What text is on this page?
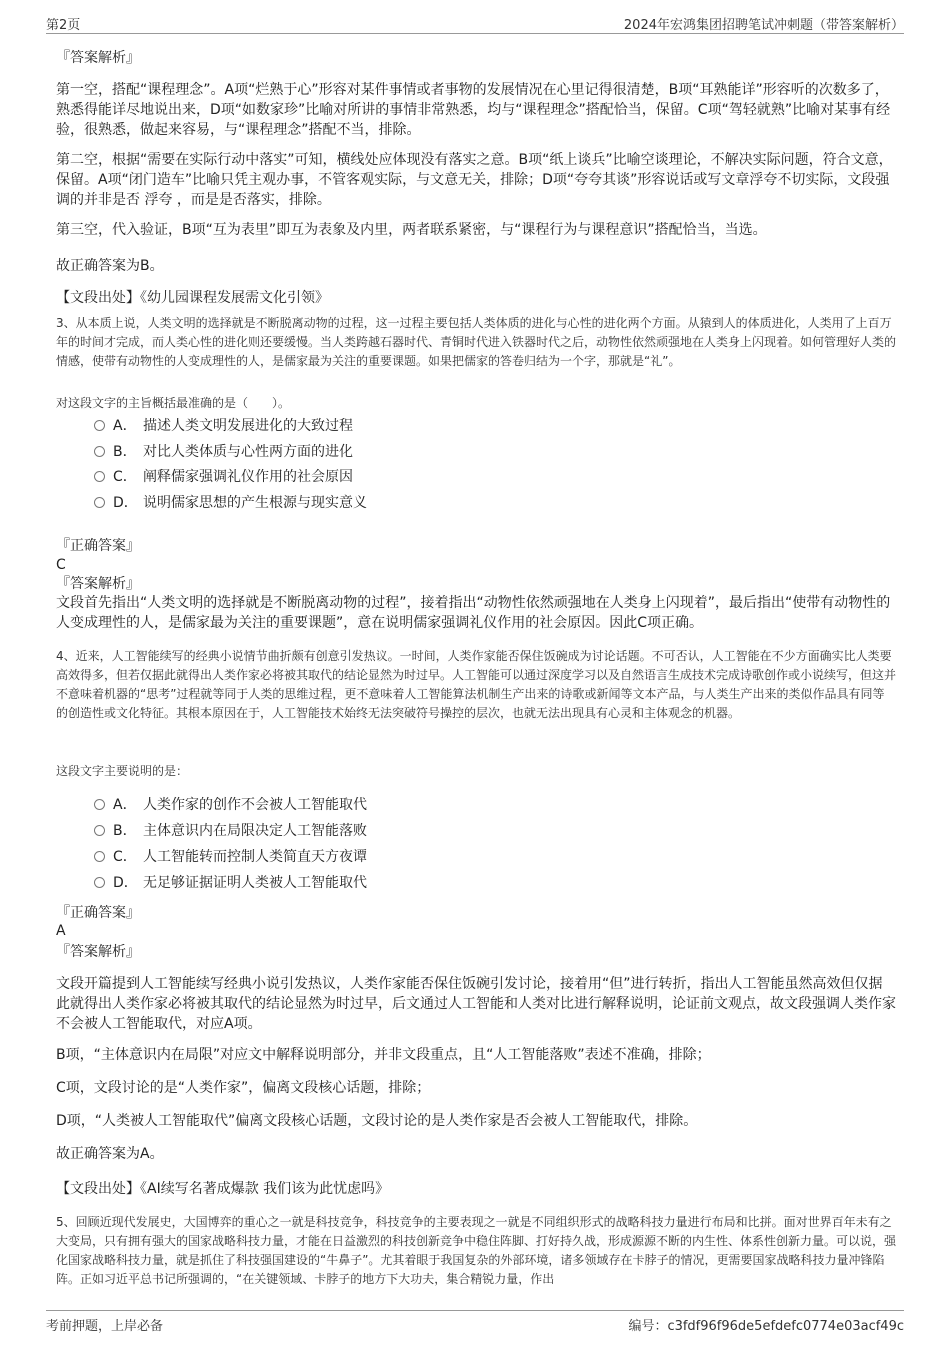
第2页	2024年宏鸿集团招聘笔试冲刺题（带答案解析）
『答案解析』

第一空，搭配“课程理念”。A项“烂熟于心”形容对某件事情或者事物的发展情况在心里记得很清楚，B项“耳熟能详”形容听的次数多了，熟悉得能详尽地说出来，D项“如数家珍”比喻对所讲的事情非常熟悉，均与“课程理念”搭配恰当，保留。C项“驾轻就熟”比喻对某事有经验，很熟悉，做起来容易，与“课程理念”搭配不当，排除。

第二空，根据“需要在实际行动中落实”可知，横线处应体现没有落实之意。B项“纸上谈兵”比喻空谈理论，不解决实际问题，符合文意，保留。A项“闭门造车”比喻只凭主观办事，不管客观实际，与文意无关，排除；D项“夸夸其谈”形容说话或写文章浮夸不切实际，文段强调的并非是否 浮夸 ，而是是否落实，排除。

第三空，代入验证，B项“互为表里”即互为表象及内里，两者联系紧密，与“课程行为与课程意识”搭配恰当，当选。

故正确答案为B。

【文段出处】《幼儿园课程发展需文化引领》

3、从本质上说，人类文明的选择就是不断脱离动物的过程，这一过程主要包括人类体质的进化与心性的进化两个方面。从猿到人的体质进化，人类用了上百万年的时间才完成，而人类心性的进化则还要缓慢。当人类跨越石器时代、青铜时代进入铁器时代之后，动物性依然顽强地在人类身上闪现着。如何管理好人类的情感，使带有动物性的人变成理性的人，是儒家最为关注的重要课题。如果把儒家的答卷归结为一个字，那就是“礼”。

对这段文字的主旨概括最准确的是（　　）。

A． 描述人类文明发展进化的大致过程
B． 对比人类体质与心性两方面的进化
C． 阐释儒家强调礼仪作用的社会原因
D． 说明儒家思想的产生根源与现实意义
『正确答案』
C
『答案解析』

文段首先指出“人类文明的选择就是不断脱离动物的过程”，接着指出“动物性依然顽强地在人类身上闪现着”，最后指出“使带有动物性的人变成理性的人，是儒家最为关注的重要课题”，意在说明儒家强调礼仪作用的社会原因。因此C项正确。

4、近来，人工智能续写的经典小说情节曲折颇有创意引发热议。一时间，人类作家能否保住饭碗成为讨论话题。不可否认，人工智能在不少方面确实比人类要高效得多，但若仅据此就得出人类作家必将被其取代的结论显然为时过早。人工智能可以通过深度学习以及自然语言生成技术完成诗歌创作或小说续写，但这并不意味着机器的“思考”过程就等同于人类的思维过程，更不意味着人工智能算法机制生产出来的诗歌或新闻等文本产品，与人类生产出来的类似作品具有同等的创造性或文化特征。其根本原因在于，人工智能技术始终无法突破符号操控的层次，也就无法出现具有心灵和主体观念的机器。

这段文字主要说明的是：

A． 人类作家的创作不会被人工智能取代
B． 主体意识内在局限决定人工智能落败
C． 人工智能转而控制人类简直天方夜谭
D． 无足够证据证明人类被人工智能取代
『正确答案』
A
『答案解析』

文段开篇提到人工智能续写经典小说引发热议，人类作家能否保住饭碗引发讨论，接着用“但”进行转折，指出人工智能虽然高效但仅据此就得出人类作家必将被其取代的结论显然为时过早，后文通过人工智能和人类对比进行解释说明，论证前文观点，故文段强调人类作家不会被人工智能取代，对应A项。

B项，“主体意识内在局限”对应文中解释说明部分，并非文段重点，且“人工智能落败”表述不准确，排除；

C项，文段讨论的是“人类作家”，偏离文段核心话题，排除；

D项，“人类被人工智能取代”偏离文段核心话题，文段讨论的是人类作家是否会被人工智能取代，排除。

故正确答案为A。

【文段出处】《AI续写名著成爆款 我们该为此忧虑吗》

5、回顾近现代发展史，大国博弈的重心之一就是科技竞争，科技竞争的主要表现之一就是不同组织形式的战略科技力量进行布局和比拼。面对世界百年未有之大变局，只有拥有强大的国家战略科技力量，才能在日益激烈的科技创新竞争中稳住阵脚、打好持久战，形成源源不断的内生性、体系性创新力量。可以说，强化国家战略科技力量，就是抓住了科技强国建设的“牛鼻子”。尤其着眼于我国复杂的外部环境，诸多领域存在卡脖子的情况，更需要国家战略科技力量冲锋陷阵。正如习近平总书记所强调的，“在关键领域、卡脖子的地方下大功夫，集合精锐力量，作出

考前押题，上岸必备	编号：c3fdf96f96de5efdefc0774e03acf49c
